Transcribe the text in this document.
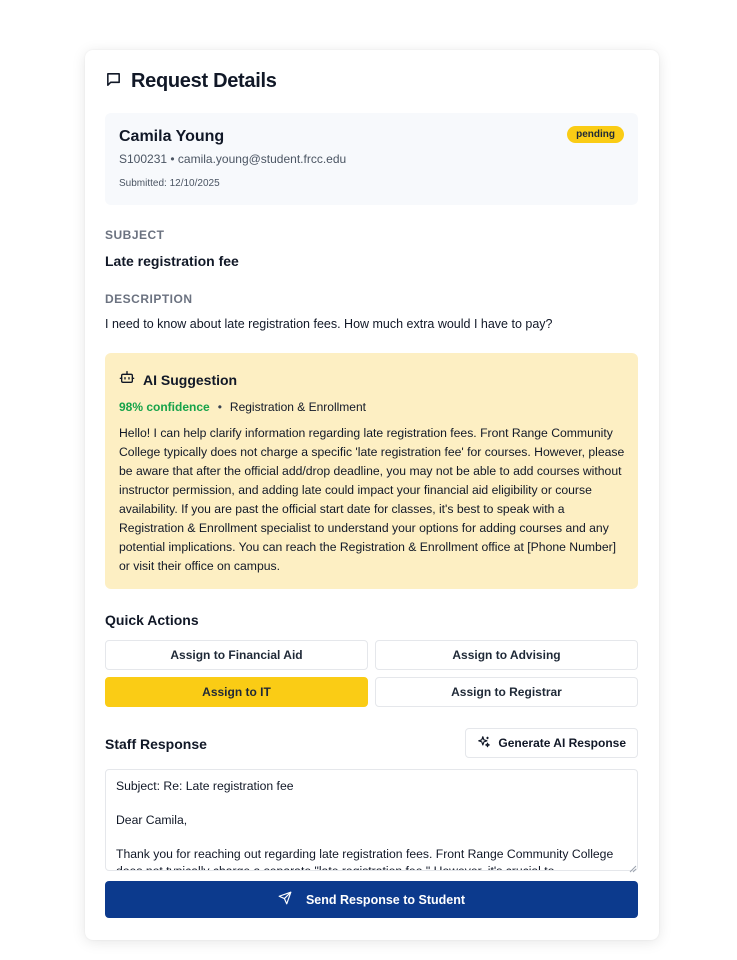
Request Details
Camila Young
S100231 • camila.young@student.frcc.edu
Submitted: 12/10/2025
pending
SUBJECT
Late registration fee
DESCRIPTION
I need to know about late registration fees. How much extra would I have to pay?
AI Suggestion
98% confidence • Registration & Enrollment
Hello! I can help clarify information regarding late registration fees. Front Range Community College typically does not charge a specific 'late registration fee' for courses. However, please be aware that after the official add/drop deadline, you may not be able to add courses without instructor permission, and adding late could impact your financial aid eligibility or course availability. If you are past the official start date for classes, it's best to speak with a Registration & Enrollment specialist to understand your options for adding courses and any potential implications. You can reach the Registration & Enrollment office at [Phone Number] or visit their office on campus.
Quick Actions
Assign to Financial Aid	Assign to Advising
Assign to IT	Assign to Registrar
Staff Response	Generate AI Response
Subject: Re: Late registration fee Dear Camila, Thank you for reaching out regarding late registration fees. Front Range Community College does not typically charge a separate "late registration fee." However, it's crucial to
Send Response to Student
